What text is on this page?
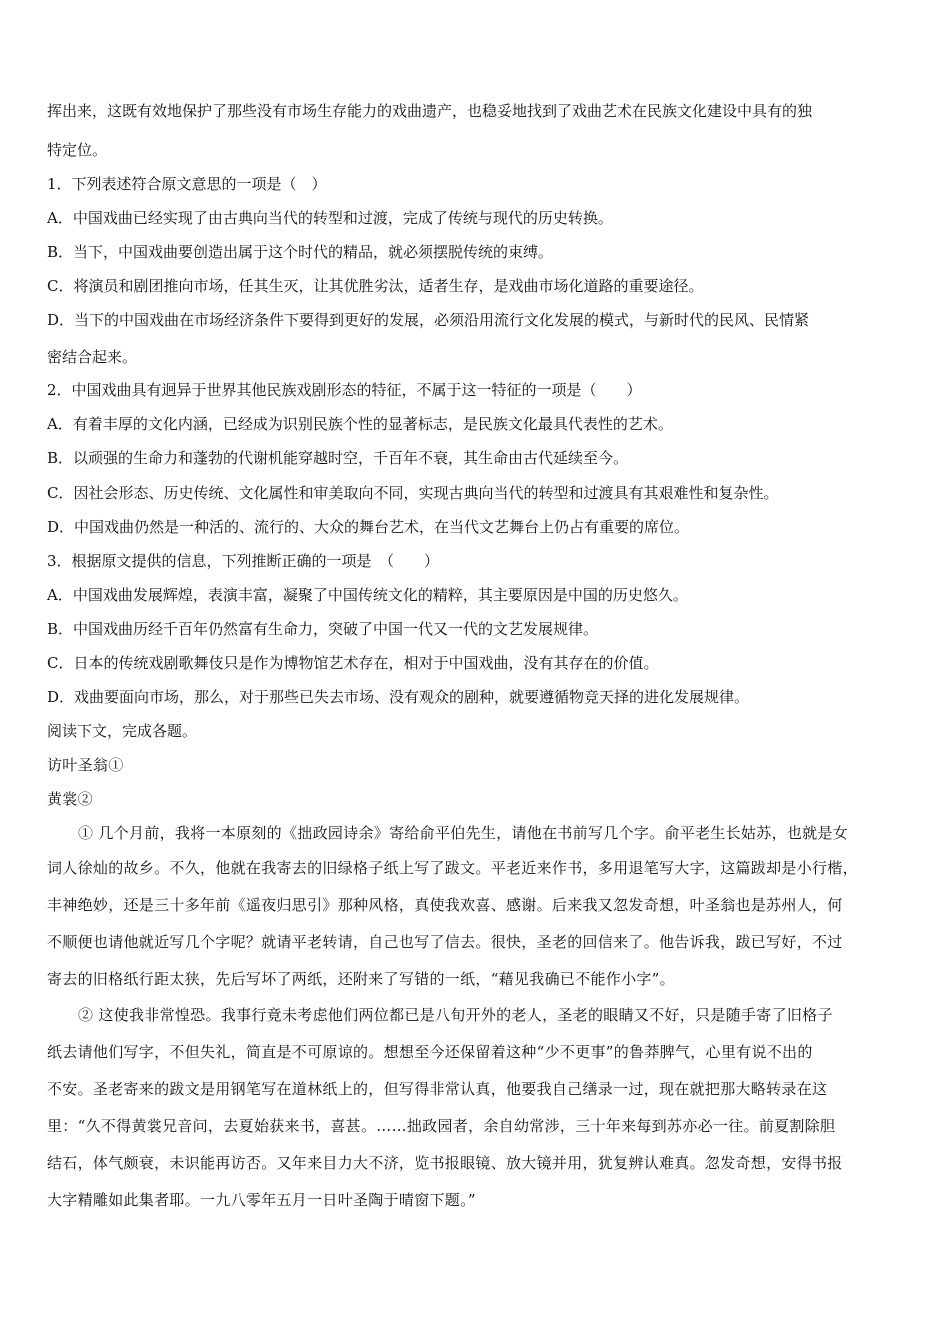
挥出来，这既有效地保护了那些没有市场生存能力的戏曲遗产，也稳妥地找到了戏曲艺术在民族文化建设中具有的独
特定位。
1．下列表述符合原文意思的一项是（　）
A．中国戏曲已经实现了由古典向当代的转型和过渡，完成了传统与现代的历史转换。
B．当下，中国戏曲要创造出属于这个时代的精品，就必须摆脱传统的束缚。
C．将演员和剧团推向市场，任其生灭，让其优胜劣汰，适者生存，是戏曲市场化道路的重要途径。
D．当下的中国戏曲在市场经济条件下要得到更好的发展，必须沿用流行文化发展的模式，与新时代的民风、民情紧
密结合起来。
2．中国戏曲具有迥异于世界其他民族戏剧形态的特征，不属于这一特征的一项是（　　）
A．有着丰厚的文化内涵，已经成为识别民族个性的显著标志，是民族文化最具代表性的艺术。
B．以顽强的生命力和蓬勃的代谢机能穿越时空，千百年不衰，其生命由古代延续至今。
C．因社会形态、历史传统、文化属性和审美取向不同，实现古典向当代的转型和过渡具有其艰难性和复杂性。
D．中国戏曲仍然是一种活的、流行的、大众的舞台艺术，在当代文艺舞台上仍占有重要的席位。
3．根据原文提供的信息，下列推断正确的一项是　（　　）
A．中国戏曲发展辉煌，表演丰富，凝聚了中国传统文化的精粹，其主要原因是中国的历史悠久。
B．中国戏曲历经千百年仍然富有生命力，突破了中国一代又一代的文艺发展规律。
C．日本的传统戏剧歌舞伎只是作为博物馆艺术存在，相对于中国戏曲，没有其存在的价值。
D．戏曲要面向市场，那么，对于那些已失去市场、没有观众的剧种，就要遵循物竞天择的进化发展规律。
阅读下文，完成各题。
访叶圣翁①
黄裳②
① 几个月前，我将一本原刻的《拙政园诗余》寄给俞平伯先生，请他在书前写几个字。俞平老生长姑苏，也就是女
词人徐灿的故乡。不久，他就在我寄去的旧绿格子纸上写了跋文。平老近来作书，多用退笔写大字，这篇跋却是小行楷，
丰神绝妙，还是三十多年前《遥夜归思引》那种风格，真使我欢喜、感谢。后来我又忽发奇想，叶圣翁也是苏州人，何
不顺便也请他就近写几个字呢？就请平老转请，自己也写了信去。很快，圣老的回信来了。他告诉我，跋已写好，不过
寄去的旧格纸行距太狭，先后写坏了两纸，还附来了写错的一纸，“藉见我确已不能作小字”。
② 这使我非常惶恐。我事行竟未考虑他们两位都已是八旬开外的老人，圣老的眼睛又不好，只是随手寄了旧格子
纸去请他们写字，不但失礼，简直是不可原谅的。想想至今还保留着这种“少不更事”的鲁莽脾气，心里有说不出的
不安。圣老寄来的跋文是用钢笔写在道林纸上的，但写得非常认真，他要我自己缮录一过，现在就把那大略转录在这
里：“久不得黄裳兄音问，去夏始获来书，喜甚。……拙政园者，余自幼常涉，三十年来每到苏亦必一往。前夏割除胆
结石，体气颇衰，未识能再访否。又年来目力大不济，览书报眼镜、放大镜并用，犹复辨认难真。忽发奇想，安得书报
大字精雕如此集者耶。一九八零年五月一日叶圣陶于晴窗下题。”
